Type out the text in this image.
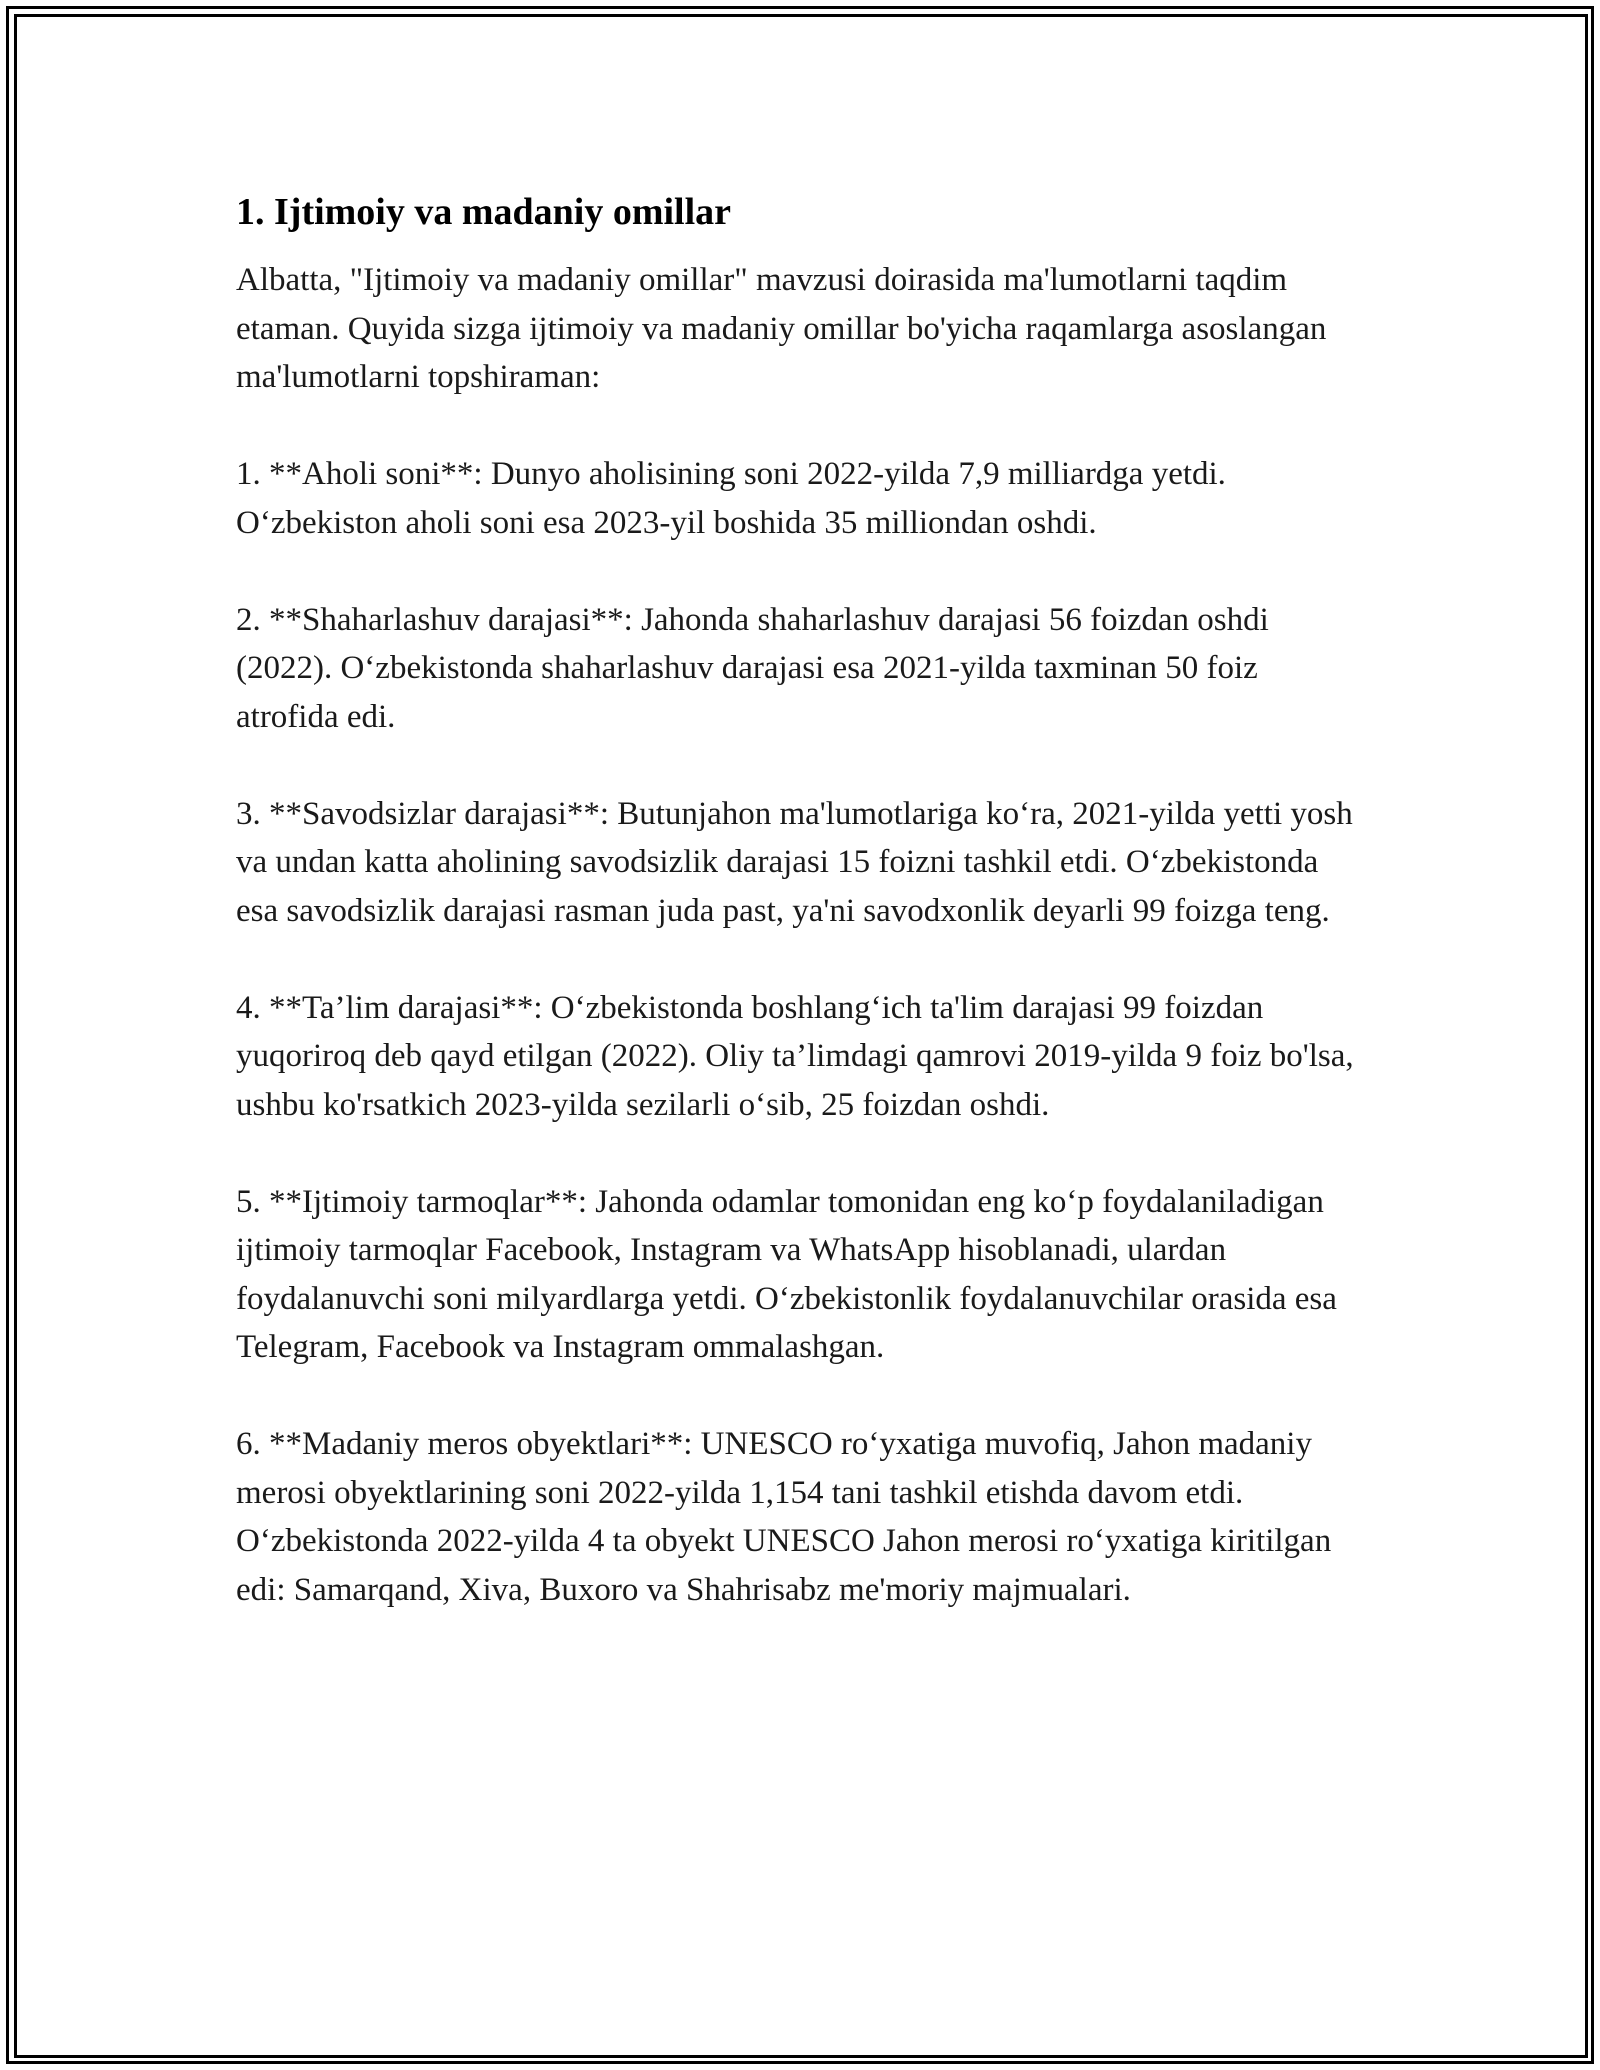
1. Ijtimoiy va madaniy omillar

Albatta, "Ijtimoiy va madaniy omillar" mavzusi doirasida ma'lumotlarni taqdim etaman. Quyida sizga ijtimoiy va madaniy omillar bo'yicha raqamlarga asoslangan ma'lumotlarni topshiraman:

1. **Aholi soni**: Dunyo aholisining soni 2022-yilda 7,9 milliardga yetdi. O‘zbekiston aholi soni esa 2023-yil boshida 35 milliondan oshdi.

2. **Shaharlashuv darajasi**: Jahonda shaharlashuv darajasi 56 foizdan oshdi (2022). O‘zbekistonda shaharlashuv darajasi esa 2021-yilda taxminan 50 foiz atrofida edi.

3. **Savodsizlar darajasi**: Butunjahon ma'lumotlariga ko‘ra, 2021-yilda yetti yosh va undan katta aholining savodsizlik darajasi 15 foizni tashkil etdi. O‘zbekistonda esa savodsizlik darajasi rasman juda past, ya'ni savodxonlik deyarli 99 foizga teng.

4. **Ta’lim darajasi**: O‘zbekistonda boshlang‘ich ta'lim darajasi 99 foizdan yuqoriroq deb qayd etilgan (2022). Oliy ta’limdagi qamrovi 2019-yilda 9 foiz bo'lsa, ushbu ko'rsatkich 2023-yilda sezilarli o‘sib, 25 foizdan oshdi.

5. **Ijtimoiy tarmoqlar**: Jahonda odamlar tomonidan eng ko‘p foydalaniladigan ijtimoiy tarmoqlar Facebook, Instagram va WhatsApp hisoblanadi, ulardan foydalanuvchi soni milyardlarga yetdi. O‘zbekistonlik foydalanuvchilar orasida esa Telegram, Facebook va Instagram ommalashgan.

6. **Madaniy meros obyektlari**: UNESCO ro‘yxatiga muvofiq, Jahon madaniy merosi obyektlarining soni 2022-yilda 1,154 tani tashkil etishda davom etdi. O‘zbekistonda 2022-yilda 4 ta obyekt UNESCO Jahon merosi ro‘yxatiga kiritilgan edi: Samarqand, Xiva, Buxoro va Shahrisabz me'moriy majmualari.
